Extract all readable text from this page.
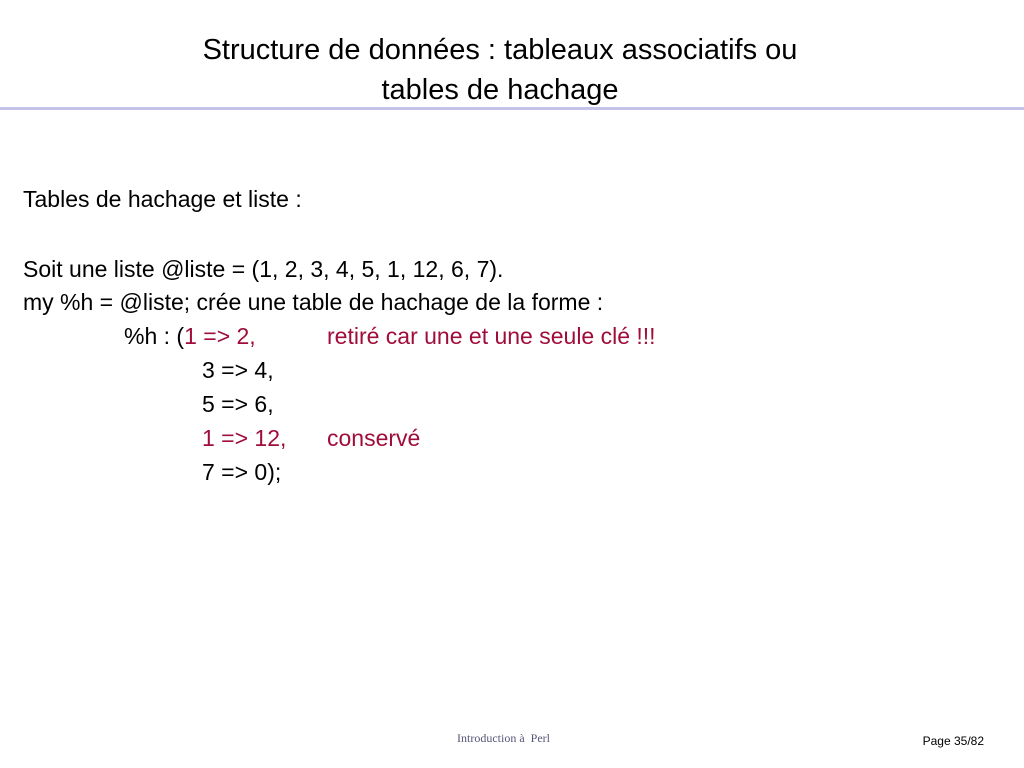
Structure de données : tableaux associatifs ou
tables de hachage
Tables de hachage et liste :
Soit une liste @liste = (1, 2, 3, 4, 5, 1, 12, 6, 7).
my %h = @liste; crée une table de hachage de la forme :
%h : (1 => 2,	retiré car une et une seule clé !!!
3 => 4,
5 => 6,
1 => 12, conservé
7 => 0);
Introduction à  Perl	Page 35/82
